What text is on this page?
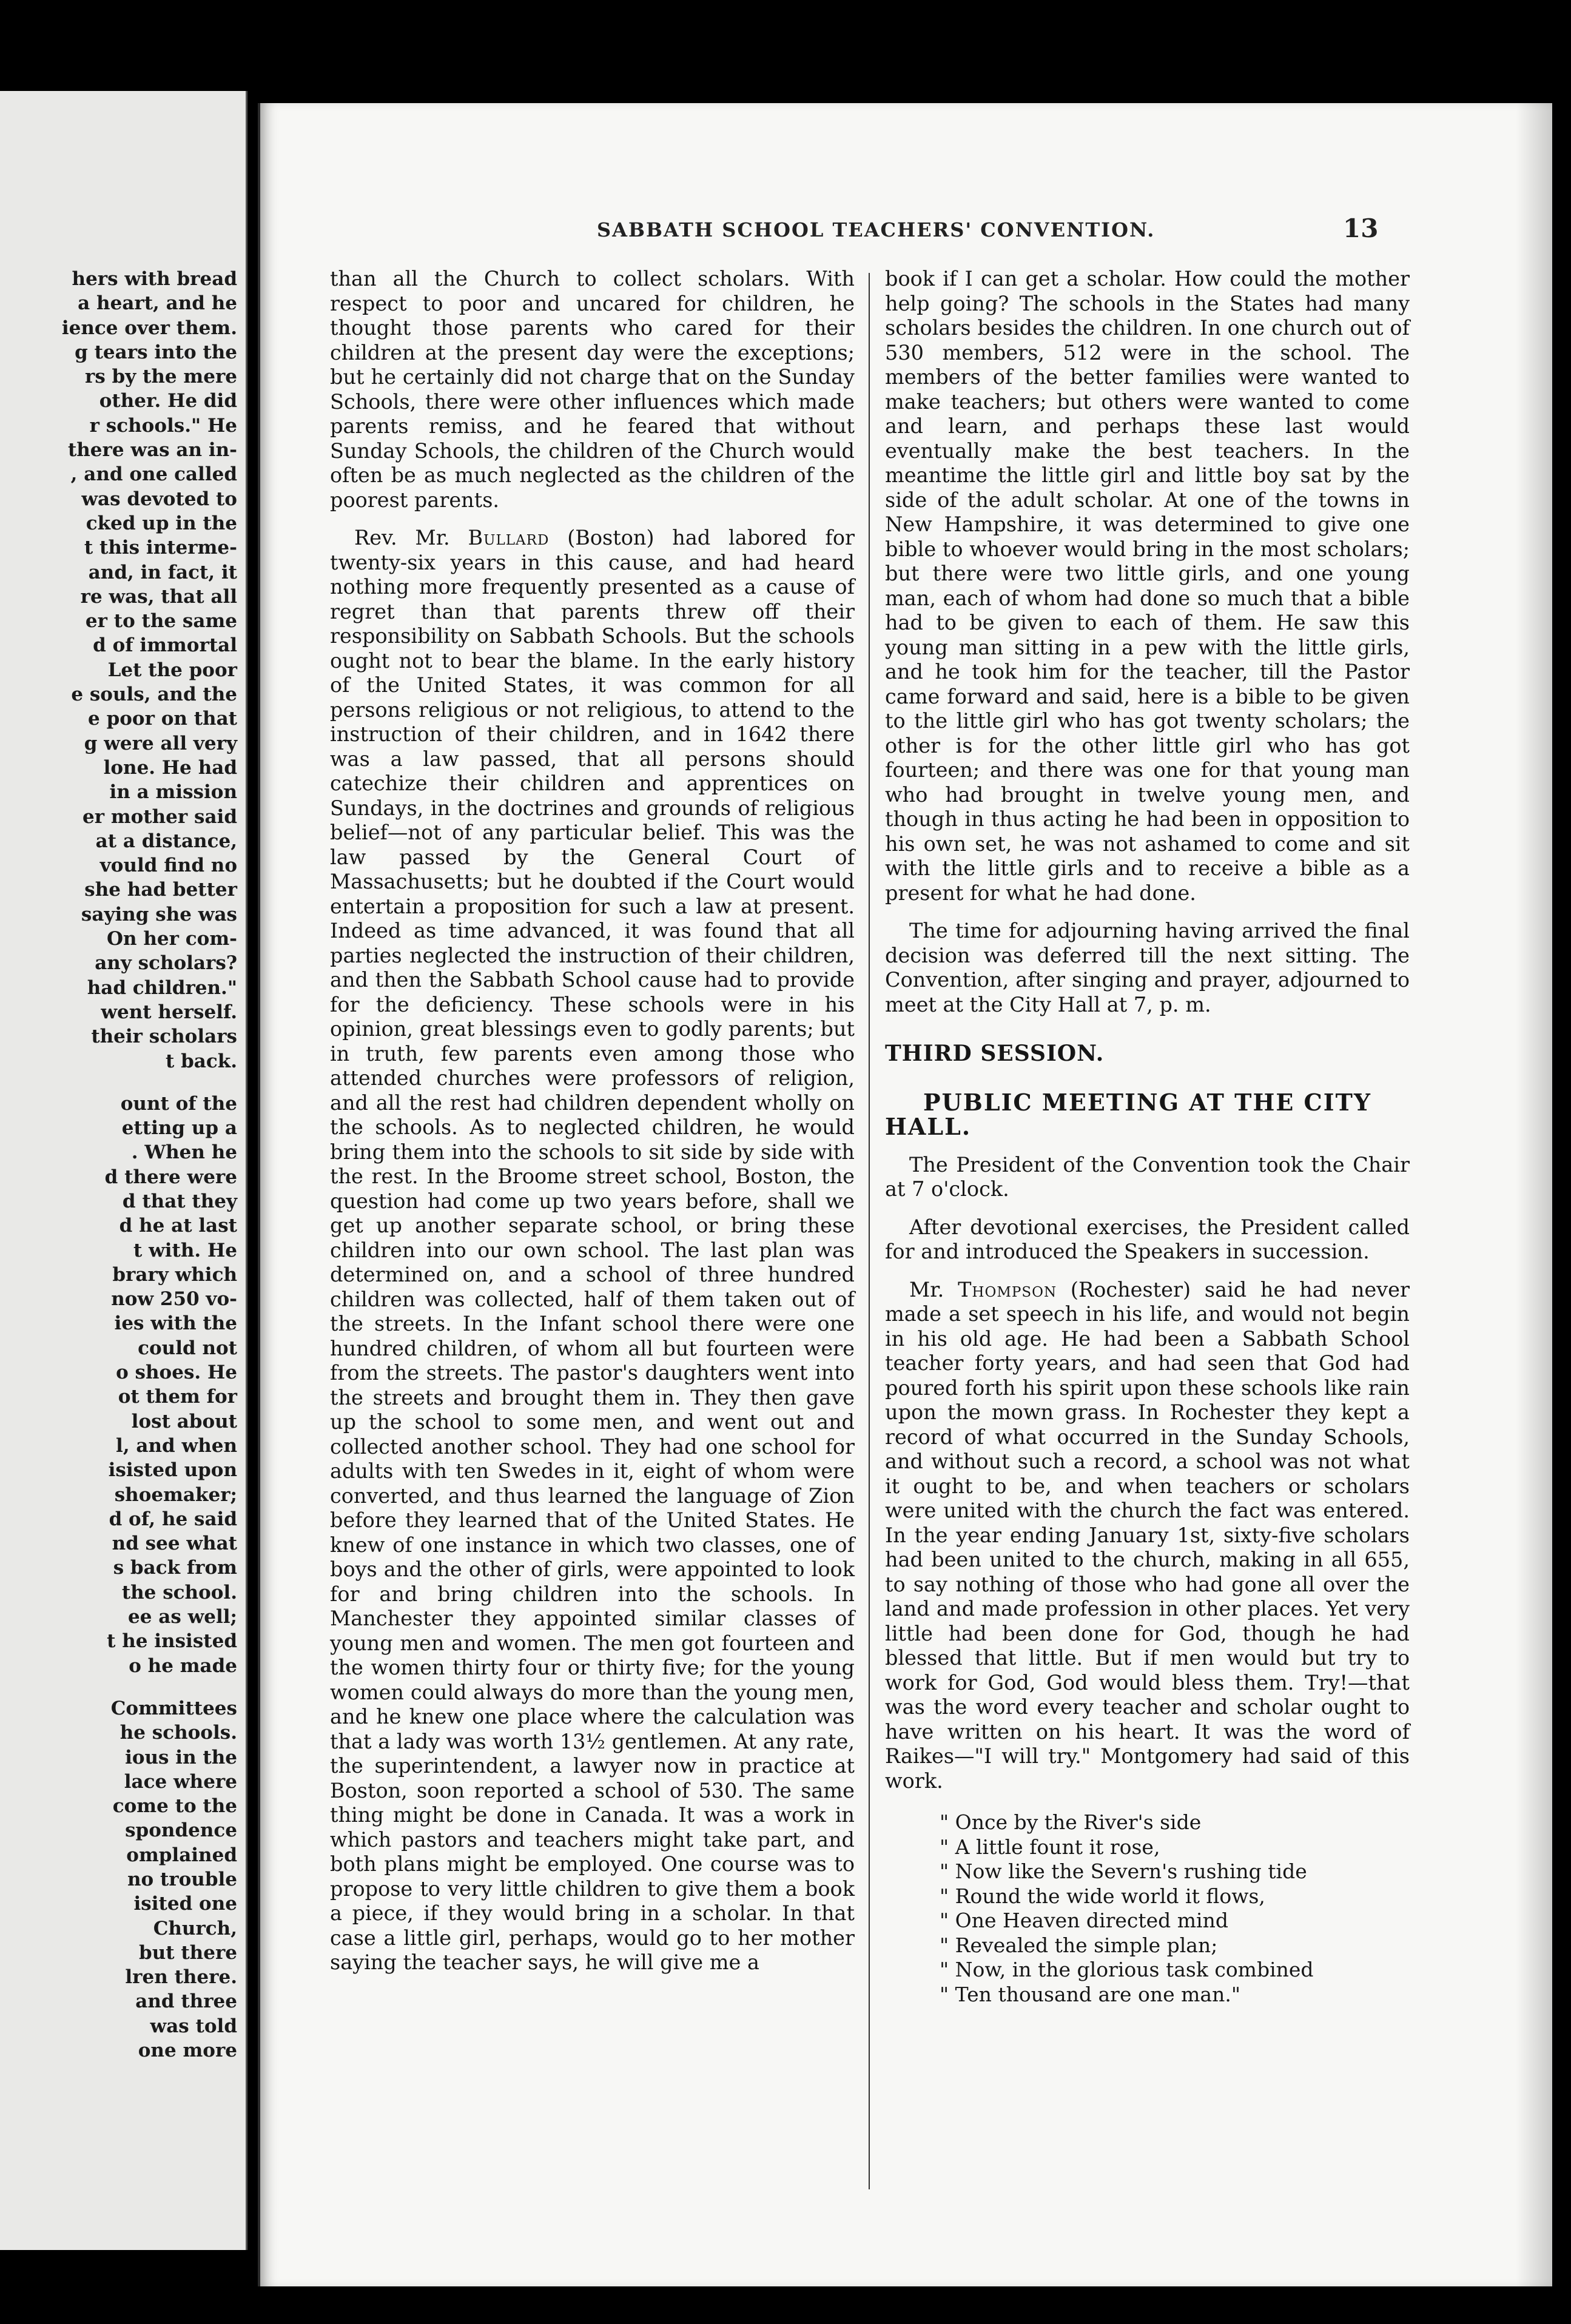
hers with bread
a heart, and he
ience over them.
g tears into the
rs by the mere
other. He did
r schools." He
there was an in-
, and one called
was devoted to
cked up in the
t this interme-
and, in fact, it
re was, that all
er to the same
d of immortal
Let the poor
e souls, and the
e poor on that
g were all very
lone. He had
in a mission
er mother said
at a distance,
vould find no
she had better
saying she was
On her com-
any scholars?
had children."
went herself.
their scholars
t back.
ount of the
etting up a
. When he
d there were
d that they
d he at last
t with. He
brary which
now 250 vo-
ies with the
could not
o shoes. He
ot them for
lost about
l, and when
isisted upon
shoemaker;
d of, he said
nd see what
s back from
the school.
ee as well;
t he insisted
o he made
Committees
he schools.
ious in the
lace where
come to the
spondence
omplained
no trouble
isited one
Church,
but there
lren there.
and three
was told
one more
SABBATH SCHOOL TEACHERS' CONVENTION.	13

than all the Church to collect scholars. With respect to poor and uncared for children, he thought those parents who cared for their children at the present day were the exceptions; but he certainly did not charge that on the Sunday Schools, there were other influences which made parents remiss, and he feared that without Sunday Schools, the children of the Church would often be as much neglected as the children of the poorest parents.

Rev. Mr. Bullard (Boston) had labored for twenty-six years in this cause, and had heard nothing more frequently presented as a cause of regret than that parents threw off their responsibility on Sabbath Schools. But the schools ought not to bear the blame. In the early history of the United States, it was common for all persons religious or not religious, to attend to the instruction of their children, and in 1642 there was a law passed, that all persons should catechize their children and apprentices on Sundays, in the doctrines and grounds of religious belief—not of any particular belief. This was the law passed by the General Court of Massachusetts; but he doubted if the Court would entertain a proposition for such a law at present. Indeed as time advanced, it was found that all parties neglected the instruction of their children, and then the Sabbath School cause had to provide for the deficiency. These schools were in his opinion, great blessings even to godly parents; but in truth, few parents even among those who attended churches were professors of religion, and all the rest had children dependent wholly on the schools. As to neglected children, he would bring them into the schools to sit side by side with the rest. In the Broome street school, Boston, the question had come up two years before, shall we get up another separate school, or bring these children into our own school. The last plan was determined on, and a school of three hundred children was collected, half of them taken out of the streets. In the Infant school there were one hundred children, of whom all but fourteen were from the streets. The pastor's daughters went into the streets and brought them in. They then gave up the school to some men, and went out and collected another school. They had one school for adults with ten Swedes in it, eight of whom were converted, and thus learned the language of Zion before they learned that of the United States. He knew of one instance in which two classes, one of boys and the other of girls, were appointed to look for and bring children into the schools. In Manchester they appointed similar classes of young men and women. The men got fourteen and the women thirty four or thirty five; for the young women could always do more than the young men, and he knew one place where the calculation was that a lady was worth 13½ gentlemen. At any rate, the superintendent, a lawyer now in practice at Boston, soon reported a school of 530. The same thing might be done in Canada. It was a work in which pastors and teachers might take part, and both plans might be employed. One course was to propose to very little children to give them a book a piece, if they would bring in a scholar. In that case a little girl, perhaps, would go to her mother saying the teacher says, he will give me a

book if I can get a scholar. How could the mother help going? The schools in the States had many scholars besides the children. In one church out of 530 members, 512 were in the school. The members of the better families were wanted to make teachers; but others were wanted to come and learn, and perhaps these last would eventually make the best teachers. In the meantime the little girl and little boy sat by the side of the adult scholar. At one of the towns in New Hampshire, it was determined to give one bible to whoever would bring in the most scholars; but there were two little girls, and one young man, each of whom had done so much that a bible had to be given to each of them. He saw this young man sitting in a pew with the little girls, and he took him for the teacher, till the Pastor came forward and said, here is a bible to be given to the little girl who has got twenty scholars; the other is for the other little girl who has got fourteen; and there was one for that young man who had brought in twelve young men, and though in thus acting he had been in opposition to his own set, he was not ashamed to come and sit with the little girls and to receive a bible as a present for what he had done.

The time for adjourning having arrived the final decision was deferred till the next sitting. The Convention, after singing and prayer, adjourned to meet at the City Hall at 7, p. m.

THIRD SESSION.

PUBLIC MEETING AT THE CITY HALL.

The President of the Convention took the Chair at 7 o'clock.

After devotional exercises, the President called for and introduced the Speakers in succession.

Mr. Thompson (Rochester) said he had never made a set speech in his life, and would not begin in his old age. He had been a Sabbath School teacher forty years, and had seen that God had poured forth his spirit upon these schools like rain upon the mown grass. In Rochester they kept a record of what occurred in the Sunday Schools, and without such a record, a school was not what it ought to be, and when teachers or scholars were united with the church the fact was entered. In the year ending January 1st, sixty-five scholars had been united to the church, making in all 655, to say nothing of those who had gone all over the land and made profession in other places. Yet very little had been done for God, though he had blessed that little. But if men would but try to work for God, God would bless them. Try!—that was the word every teacher and scholar ought to have written on his heart. It was the word of Raikes—"I will try." Montgomery had said of this work.

" Once by the River's side
" A little fount it rose,
" Now like the Severn's rushing tide
" Round the wide world it flows,
" One Heaven directed mind
" Revealed the simple plan;
" Now, in the glorious task combined
" Ten thousand are one man."
